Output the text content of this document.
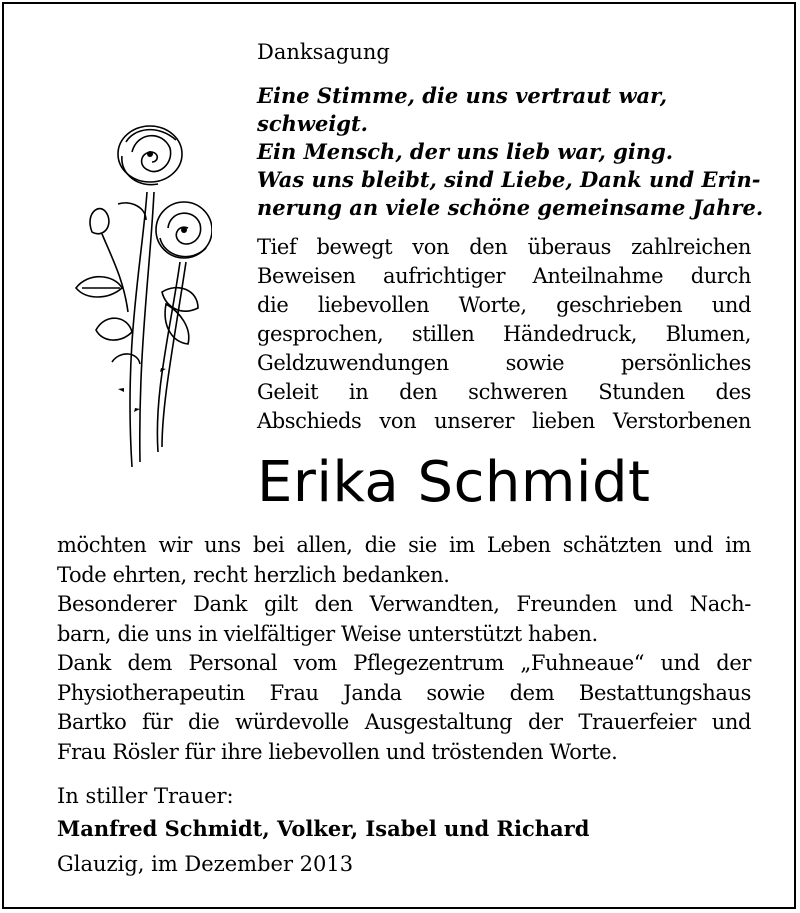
Danksagung
Eine Stimme, die uns vertraut war,
schweigt.
Ein Mensch, der uns lieb war, ging.
Was uns bleibt, sind Liebe, Dank und Erin-
nerung an viele schöne gemeinsame Jahre.
Tief bewegt von den überaus zahlreichen
Beweisen aufrichtiger Anteilnahme durch
die liebevollen Worte, geschrieben und
gesprochen, stillen Händedruck, Blumen,
Geldzuwendungen sowie persönliches
Geleit in den schweren Stunden des
Abschieds von unserer lieben Verstorbenen
Erika Schmidt
möchten wir uns bei allen, die sie im Leben schätzten und im
Tode ehrten, recht herzlich bedanken.
Besonderer Dank gilt den Verwandten, Freunden und Nach-
barn, die uns in vielfältiger Weise unterstützt haben.
Dank dem Personal vom Pflegezentrum „Fuhneaue“ und der
Physiotherapeutin Frau Janda sowie dem Bestattungshaus
Bartko für die würdevolle Ausgestaltung der Trauerfeier und
Frau Rösler für ihre liebevollen und tröstenden Worte.
In stiller Trauer:
Manfred Schmidt, Volker, Isabel und Richard
Glauzig, im Dezember 2013
